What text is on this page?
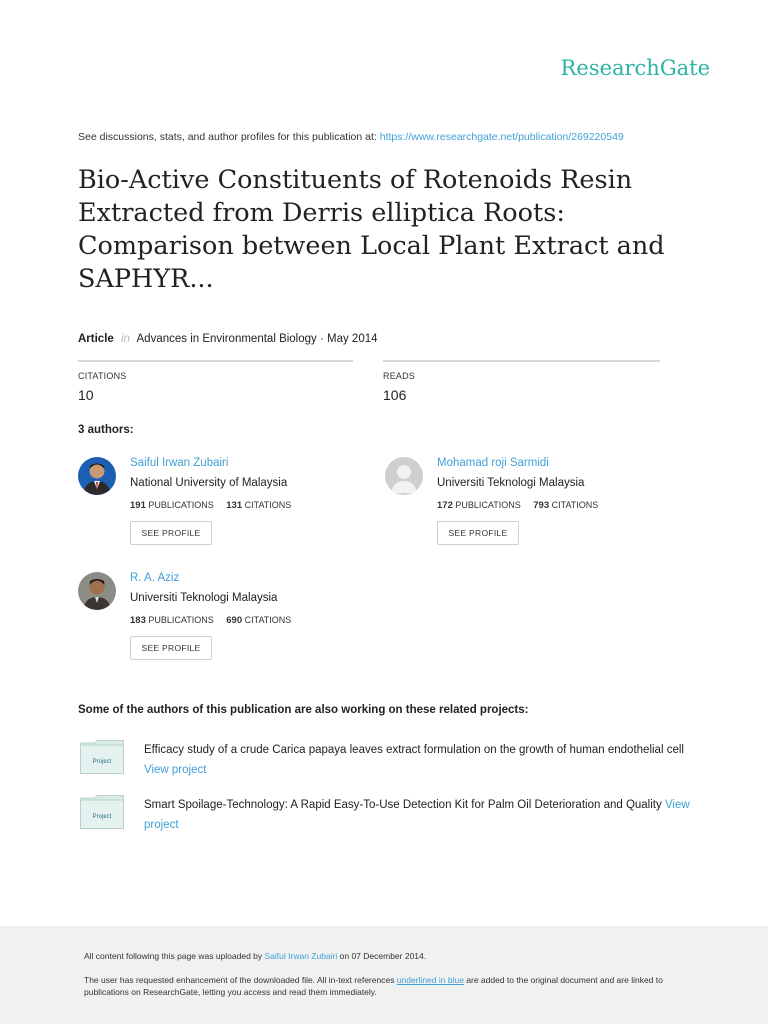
ResearchGate
See discussions, stats, and author profiles for this publication at: https://www.researchgate.net/publication/269220549
Bio-Active Constituents of Rotenoids Resin Extracted from Derris elliptica Roots: Comparison between Local Plant Extract and SAPHYR...
Article in Advances in Environmental Biology · May 2014
CITATIONS
10
READS
106
3 authors:
Saiful Irwan Zubairi
National University of Malaysia
191 PUBLICATIONS 131 CITATIONS
SEE PROFILE
Mohamad roji Sarmidi
Universiti Teknologi Malaysia
172 PUBLICATIONS 793 CITATIONS
SEE PROFILE
R. A. Aziz
Universiti Teknologi Malaysia
183 PUBLICATIONS 690 CITATIONS
SEE PROFILE
Some of the authors of this publication are also working on these related projects:
Project
Efficacy study of a crude Carica papaya leaves extract formulation on the growth of human endothelial cell View project
Project
Smart Spoilage-Technology: A Rapid Easy-To-Use Detection Kit for Palm Oil Deterioration and Quality View project
All content following this page was uploaded by Saiful Irwan Zubairi on 07 December 2014.
The user has requested enhancement of the downloaded file. All in-text references underlined in blue are added to the original document and are linked to publications on ResearchGate, letting you access and read them immediately.
